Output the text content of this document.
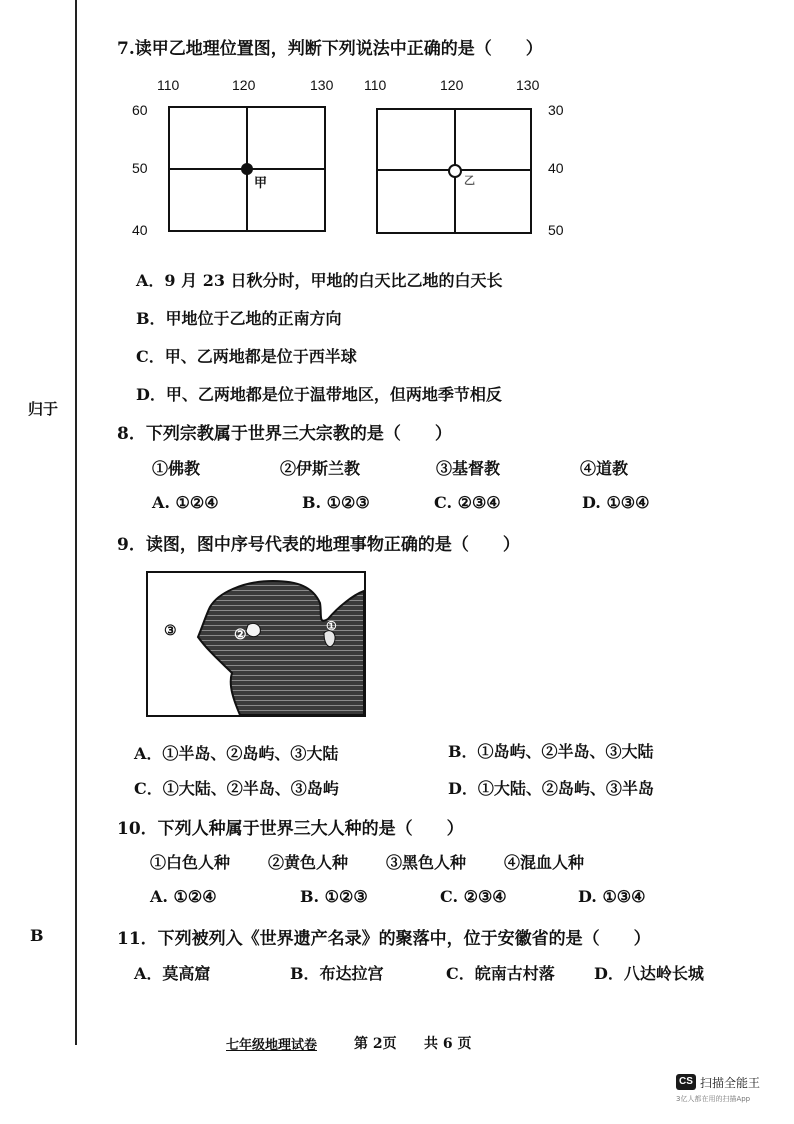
归于
B
7.读甲乙地理位置图，判断下列说法中正确的是（　　）
110	120	130
60
50
40
甲
110	120	130
30
40
50
乙
A．9 月 23 日秋分时，甲地的白天比乙地的白天长
B．甲地位于乙地的正南方向
C．甲、乙两地都是位于西半球
D．甲、乙两地都是位于温带地区，但两地季节相反
8．下列宗教属于世界三大宗教的是（　　）
①佛教	②伊斯兰教	③基督教	④道教
A. ①②④	B. ①②③	C. ②③④	D. ①③④
9．读图，图中序号代表的地理事物正确的是（　　）
③	②
①
A．①半岛、②岛屿、③大陆	B．①岛屿、②半岛、③大陆
C．①大陆、②半岛、③岛屿	D．①大陆、②岛屿、③半岛
10．下列人种属于世界三大人种的是（　　）
①白色人种 ②黄色人种 ③黑色人种 ④混血人种
A. ①②④	B. ①②③	C. ②③④	D. ①③④
11．下列被列入《世界遗产名录》的聚落中，位于安徽省的是（　　）
A．莫高窟	B．布达拉宫	C．皖南古村落 D．八达岭长城
七年级地理试卷	第 2页 共 6 页
CS 扫描全能王
3亿人都在用的扫描App
